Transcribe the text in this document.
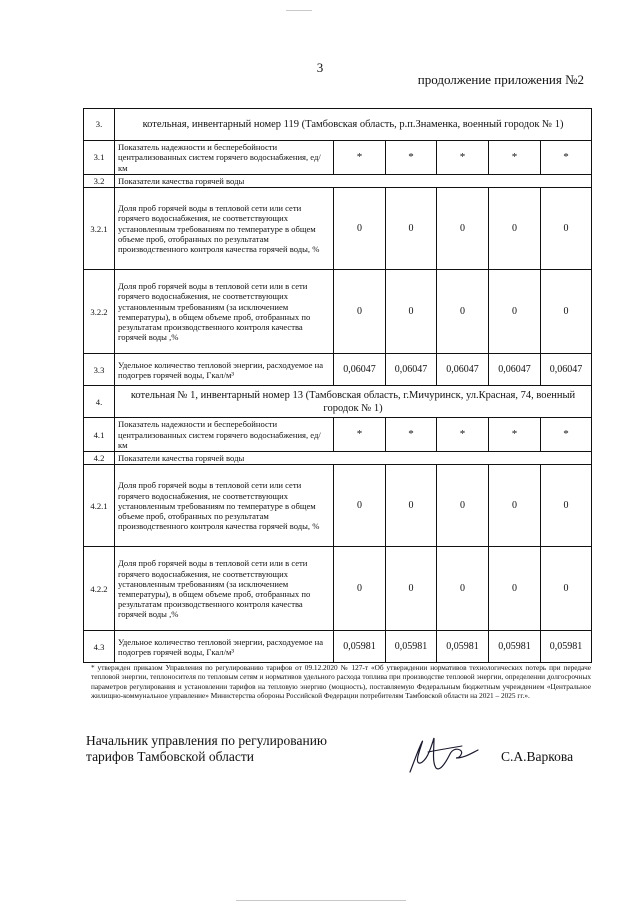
3
продолжение приложения №2
3.	котельная, инвентарный номер 119 (Тамбовская область, р.п.Знаменка, военный городок № 1)					
3.1	Показатель надежности и бесперебойности централизованных систем горячего водоснабжения, ед/км	*	*	*	*	*
3.2	Показатели качества горячей воды					
3.2.1	Доля проб горячей воды в тепловой сети или сети горячего водоснабжения, не соответствующих установленным требованиям по температуре в общем объеме проб, отобранных по результатам производственного контроля качества горячей воды, %	0	0	0	0	0
3.2.2	Доля проб горячей воды в тепловой сети или в сети горячего водоснабжения, не соответствующих установленным требованиям (за исключением температуры), в общем объеме проб, отобранных по результатам производственного контроля качества горячей воды ,%	0	0	0	0	0
3.3	Удельное количество тепловой энергии, расходуемое на подогрев горячей воды, Гкал/м³	0,06047	0,06047	0,06047	0,06047	0,06047
4.	котельная № 1, инвентарный номер 13 (Тамбовская область, г.Мичуринск, ул.Красная, 74, военный городок № 1)					
4.1	Показатель надежности и бесперебойности централизованных систем горячего водоснабжения, ед/км	*	*	*	*	*
4.2	Показатели качества горячей воды					
4.2.1	Доля проб горячей воды в тепловой сети или сети горячего водоснабжения, не соответствующих установленным требованиям по температуре в общем объеме проб, отобранных по результатам производственного контроля качества горячей воды, %	0	0	0	0	0
4.2.2	Доля проб горячей воды в тепловой сети или в сети горячего водоснабжения, не соответствующих установленным требованиям (за исключением температуры), в общем объеме проб, отобранных по результатам производственного контроля качества горячей воды ,%	0	0	0	0	0
4.3	Удельное количество тепловой энергии, расходуемое на подогрев горячей воды, Гкал/м³	0,05981	0,05981	0,05981	0,05981	0,05981
* утвержден приказом Управления по регулированию тарифов от 09.12.2020 № 127-т «Об утверждении нормативов технологических потерь при передаче тепловой энергии, теплоносителя по тепловым сетям и нормативов удельного расхода топлива при производстве тепловой энергии, определении долгосрочных параметров регулирования и установлении тарифов на тепловую энергию (мощность), поставляемую Федеральным бюджетным учреждением «Центральное жилищно-коммунальное управление» Министерства обороны Российской Федерации потребителям Тамбовской области на 2021 – 2025 гг.».
Начальник управления по регулированию
тарифов Тамбовской области	С.А.Варкова
